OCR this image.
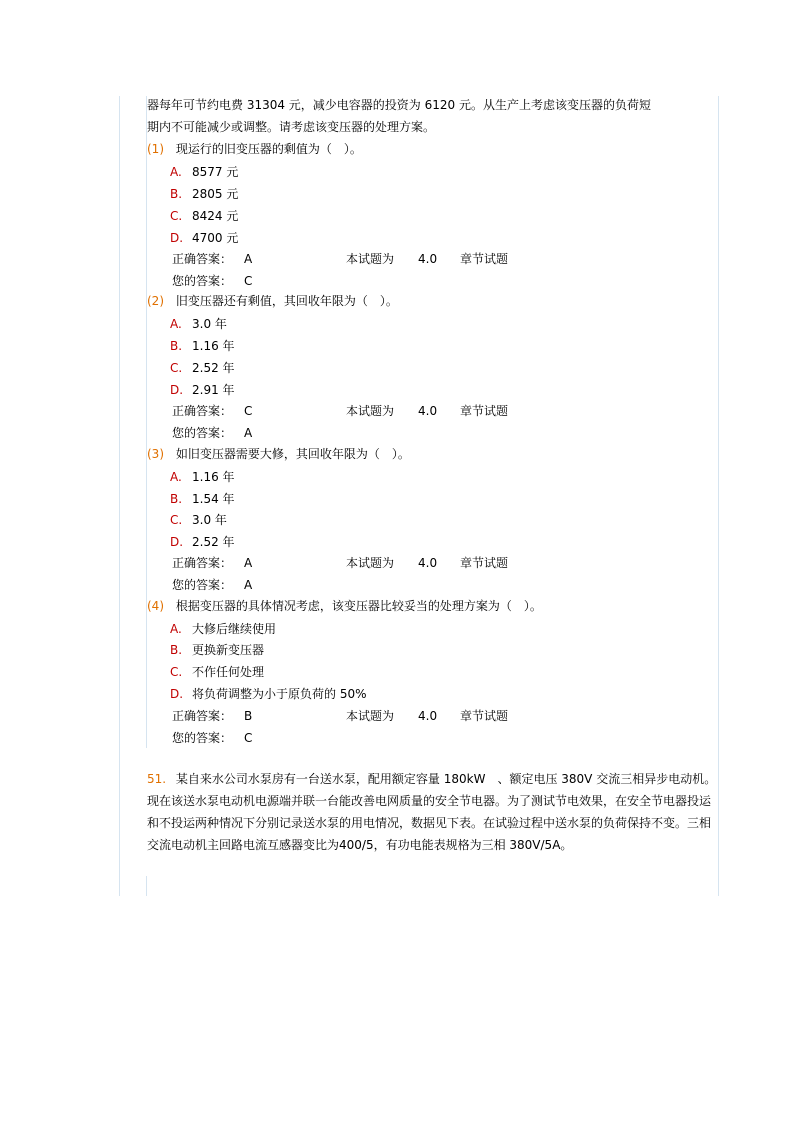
器每年可节约电费 31304 元，减少电容器的投资为 6120 元。从生产上考虑该变压器的负荷短
期内不可能减少或调整。请考虑该变压器的处理方案。
(1) 现运行的旧变压器的剩值为（　）。
A. 8577 元
B. 2805 元
C. 8424 元
D. 4700 元
正确答案： A	本试题为 4.0 章节试题
您的答案： C
(2) 旧变压器还有剩值，其回收年限为（　）。
A. 3.0 年
B. 1.16 年
C. 2.52 年
D. 2.91 年
正确答案： C	本试题为 4.0 章节试题
您的答案： A
(3) 如旧变压器需要大修，其回收年限为（　）。
A. 1.16 年
B. 1.54 年
C. 3.0 年
D. 2.52 年
正确答案： A	本试题为 4.0 章节试题
您的答案： A
(4) 根据变压器的具体情况考虑，该变压器比较妥当的处理方案为（　）。
A. 大修后继续使用
B. 更换新变压器
C. 不作任何处理
D. 将负荷调整为小于原负荷的 50%
正确答案： B	本试题为 4.0 章节试题
您的答案： C
51. 某自来水公司水泵房有一台送水泵，配用额定容量 180kW　、额定电压 380V 交流三相异步电动机。现在该送水泵电动机电源端并联一台能改善电网质量的安全节电器。为了测试节电效果，在安全节电器投运和不投运两种情况下分别记录送水泵的用电情况，数据见下表。在试验过程中送水泵的负荷保持不变。三相交流电动机主回路电流互感器变比为400/5，有功电能表规格为三相 380V/5A。
